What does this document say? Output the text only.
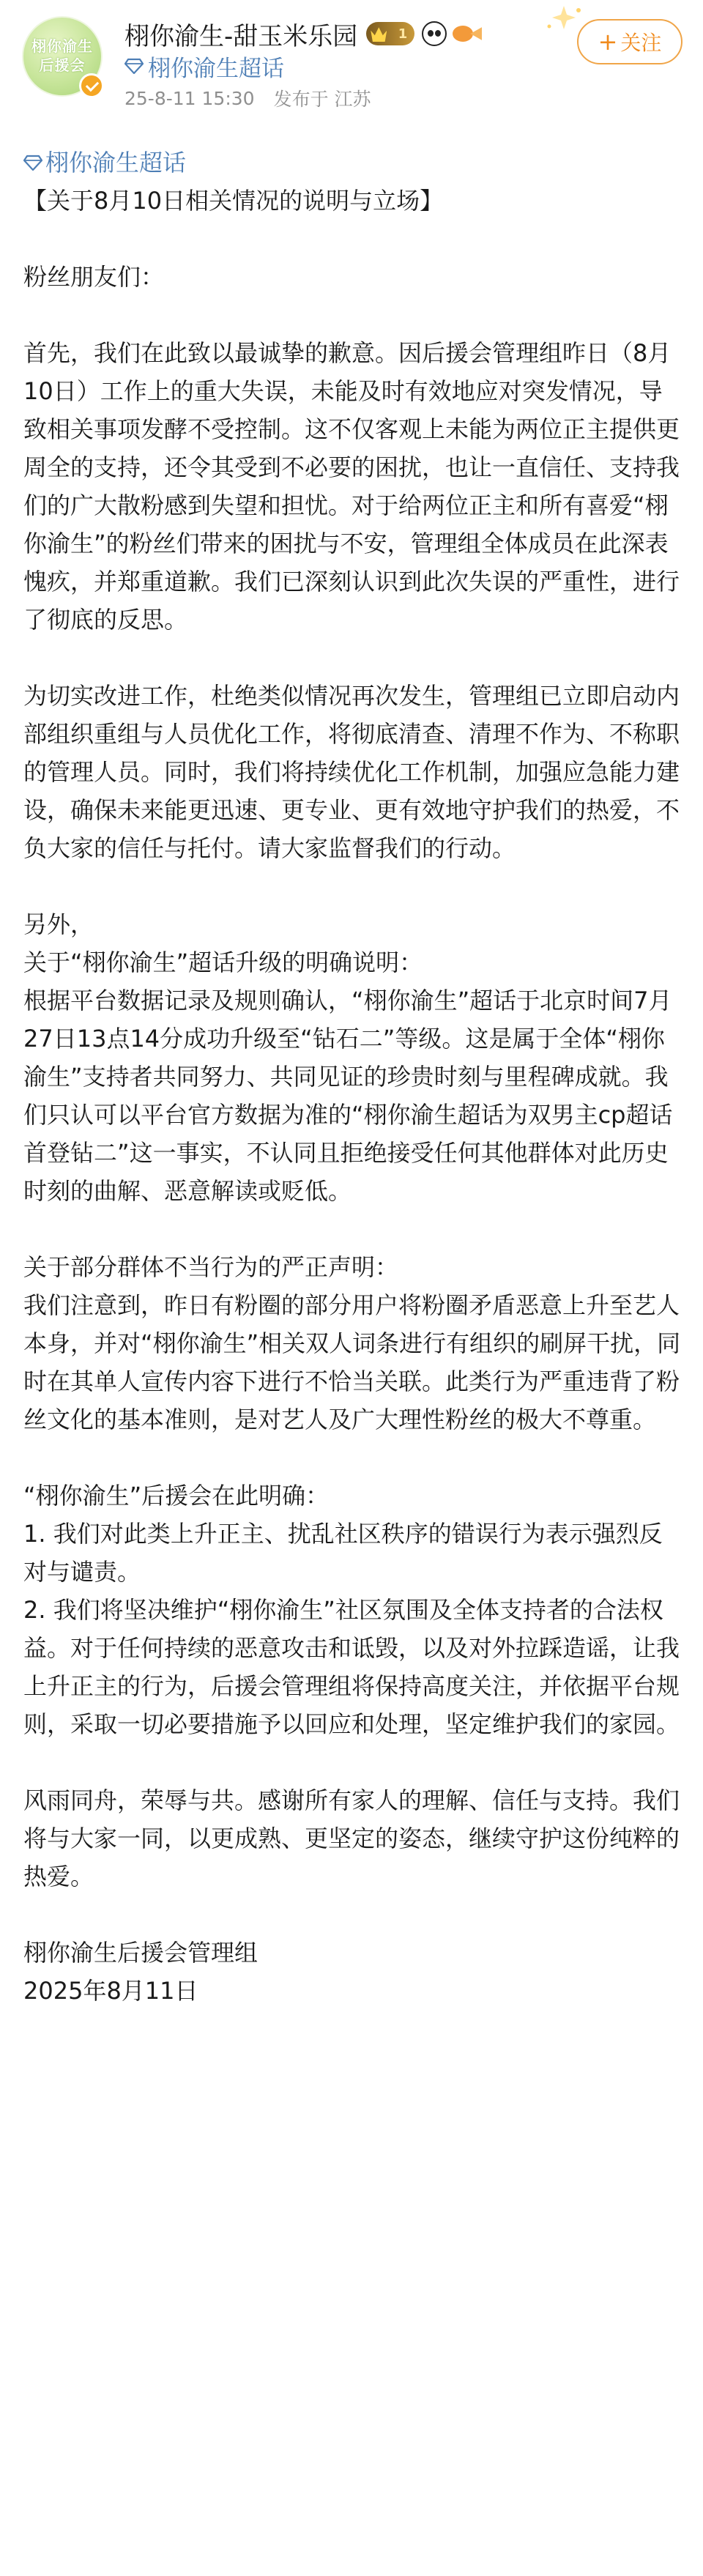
栩你渝生
后援会
栩你渝生-甜玉米乐园	1
栩你渝生超话
25-8-11 15:30 发布于 江苏
+ 关注

栩你渝生超话

【关于8月10日相关情况的说明与立场】

粉丝朋友们：

首先，我们在此致以最诚挚的歉意。因后援会管理组昨日（8月10日）工作上的重大失误，未能及时有效地应对突发情况，导致相关事项发酵不受控制。这不仅客观上未能为两位正主提供更周全的支持，还令其受到不必要的困扰，也让一直信任、支持我们的广大散粉感到失望和担忧。对于给两位正主和所有喜爱“栩你渝生”的粉丝们带来的困扰与不安，管理组全体成员在此深表愧疚，并郑重道歉。我们已深刻认识到此次失误的严重性，进行了彻底的反思。

为切实改进工作，杜绝类似情况再次发生，管理组已立即启动内部组织重组与人员优化工作，将彻底清查、清理不作为、不称职的管理人员。同时，我们将持续优化工作机制，加强应急能力建设，确保未来能更迅速、更专业、更有效地守护我们的热爱，不负大家的信任与托付。请大家监督我们的行动。

另外，

关于“栩你渝生”超话升级的明确说明：

根据平台数据记录及规则确认，“栩你渝生”超话于北京时间7月27日13点14分成功升级至“钻石二”等级。这是属于全体“栩你渝生”支持者共同努力、共同见证的珍贵时刻与里程碑成就。我们只认可以平台官方数据为准的“栩你渝生超话为双男主cp超话首登钻二”这一事实，不认同且拒绝接受任何其他群体对此历史时刻的曲解、恶意解读或贬低。

关于部分群体不当行为的严正声明：

我们注意到，昨日有粉圈的部分用户将粉圈矛盾恶意上升至艺人本身，并对“栩你渝生”相关双人词条进行有组织的刷屏干扰，同时在其单人宣传内容下进行不恰当关联。此类行为严重违背了粉丝文化的基本准则，是对艺人及广大理性粉丝的极大不尊重。

“栩你渝生”后援会在此明确：

1. 我们对此类上升正主、扰乱社区秩序的错误行为表示强烈反对与谴责。

2. 我们将坚决维护“栩你渝生”社区氛围及全体支持者的合法权益。对于任何持续的恶意攻击和诋毁，以及对外拉踩造谣，让我上升正主的行为，后援会管理组将保持高度关注，并依据平台规则，采取一切必要措施予以回应和处理，坚定维护我们的家园。

风雨同舟，荣辱与共。感谢所有家人的理解、信任与支持。我们将与大家一同，以更成熟、更坚定的姿态，继续守护这份纯粹的热爱。

栩你渝生后援会管理组

2025年8月11日
